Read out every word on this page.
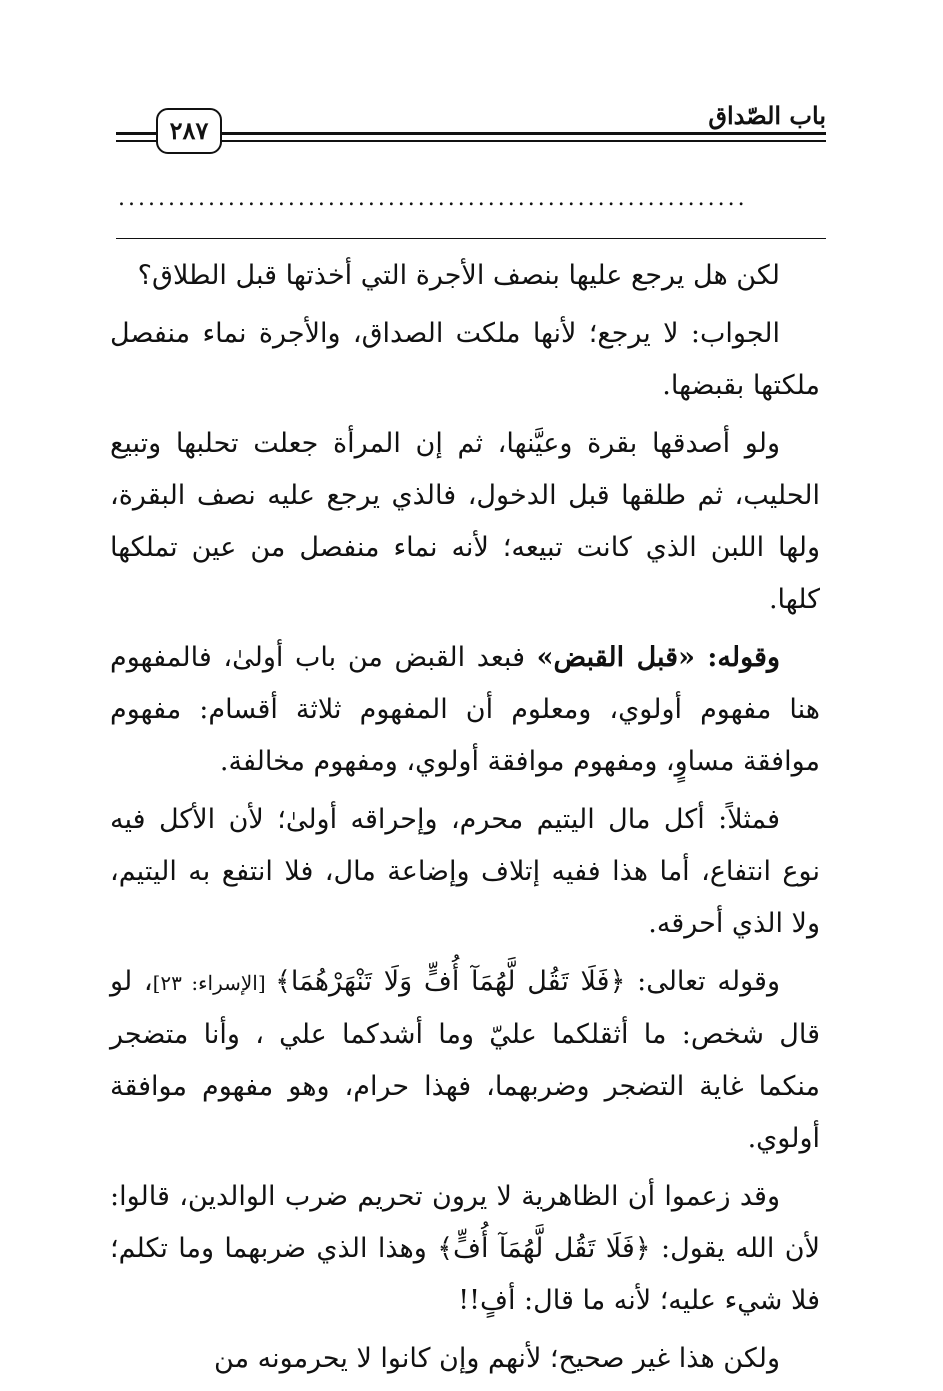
٢٨٧
باب الصّداق
...............................................................

لكن هل يرجع عليها بنصف الأجرة التي أخذتها قبل الطلاق؟

الجواب: لا يرجع؛ لأنها ملكت الصداق، والأجرة نماء منفصل ملكتها بقبضها.

ولو أصدقها بقرة وعيَّنها، ثم إن المرأة جعلت تحلبها وتبيع الحليب، ثم طلقها قبل الدخول، فالذي يرجع عليه نصف البقرة، ولها اللبن الذي كانت تبيعه؛ لأنه نماء منفصل من عين تملكها كلها.

وقوله: «قبل القبض» فبعد القبض من باب أولىٰ، فالمفهوم هنا مفهوم أولوي، ومعلوم أن المفهوم ثلاثة أقسام: مفهوم موافقة مساوٍ، ومفهوم موافقة أولوي، ومفهوم مخالفة.

فمثلاً: أكل مال اليتيم محرم، وإحراقه أولىٰ؛ لأن الأكل فيه نوع انتفاع، أما هذا ففيه إتلاف وإضاعة مال، فلا انتفع به اليتيم، ولا الذي أحرقه.

وقوله تعالى: ﴿فَلَا تَقُل لَّهُمَآ أُفٍّ وَلَا تَنْهَرْهُمَا﴾ [الإسراء: ٢٣]، لو قال شخص: ما أثقلكما عليّ وما أشدكما علي ، وأنا متضجر منكما غاية التضجر وضربهما، فهذا حرام، وهو مفهوم موافقة أولوي.

وقد زعموا أن الظاهرية لا يرون تحريم ضرب الوالدين، قالوا: لأن الله يقول: ﴿فَلَا تَقُل لَّهُمَآ أُفٍّ﴾ وهذا الذي ضربهما وما تكلم؛ فلا شيء عليه؛ لأنه ما قال: أفٍ!!

ولكن هذا غير صحيح؛ لأنهم وإن كانوا لا يحرمونه من
